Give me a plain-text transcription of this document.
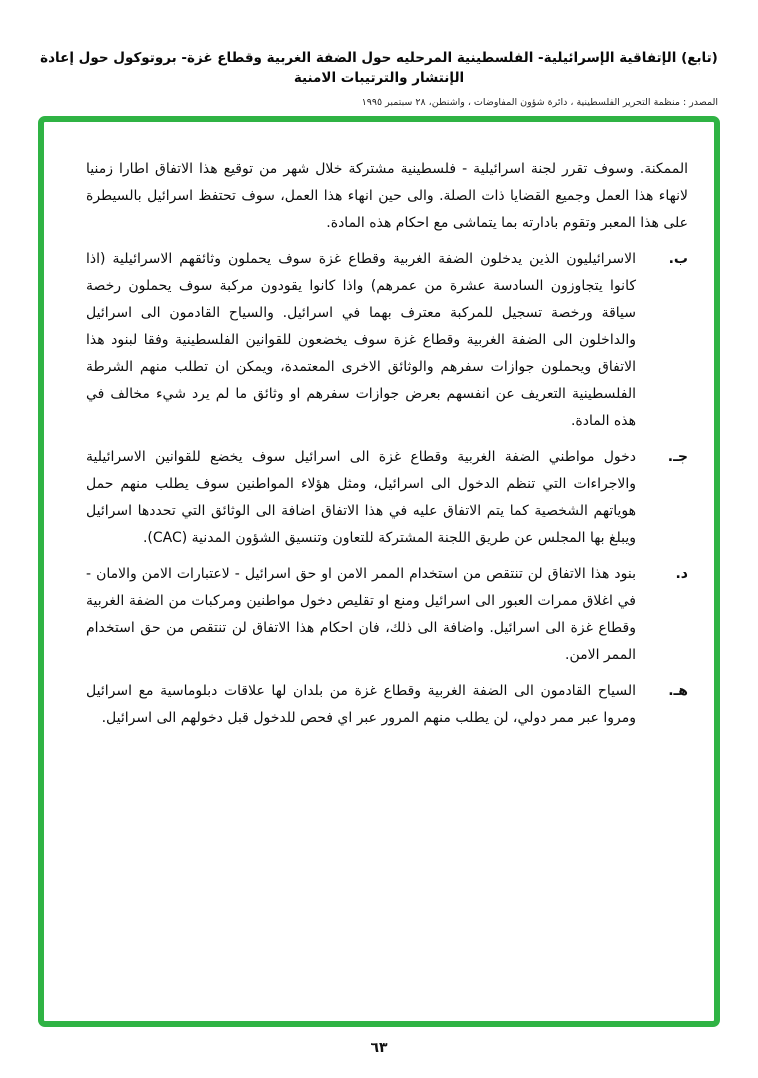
(تابع) الإتفاقية الإسرائيلية- الفلسطينية المرحليه حول الضفة الغربية وقطاع غزة- بروتوكول حول إعادة الإنتشار والترتيبات الامنية
المصدر : منظمة التحرير الفلسطينية ، دائرة شؤون المفاوضات ، واشنطن، ٢٨ سبتمبر ١٩٩٥

الممكنة. وسوف تقرر لجنة اسرائيلية - فلسطينية مشتركة خلال شهر من توقيع هذا الاتفاق اطارا زمنيا لانهاء هذا العمل وجميع القضايا ذات الصلة. والى حين انهاء هذا العمل، سوف تحتفظ اسرائيل بالسيطرة على هذا المعبر وتقوم بادارته بما يتماشى مع احكام هذه المادة.

ب.
الاسرائيليون الذين يدخلون الضفة الغربية وقطاع غزة سوف يحملون وثائقهم الاسرائيلية (اذا كانوا يتجاوزون السادسة عشرة من عمرهم) واذا كانوا يقودون مركبة سوف يحملون رخصة سياقة ورخصة تسجيل للمركبة معترف بهما في اسرائيل. والسياح القادمون الى اسرائيل والداخلون الى الضفة الغربية وقطاع غزة سوف يخضعون للقوانين الفلسطينية وفقا لبنود هذا الاتفاق ويحملون جوازات سفرهم والوثائق الاخرى المعتمدة، ويمكن ان تطلب منهم الشرطة الفلسطينية التعريف عن انفسهم بعرض جوازات سفرهم او وثائق ما لم يرد شيء مخالف في هذه المادة.
جـ.
دخول مواطني الضفة الغربية وقطاع غزة الى اسرائيل سوف يخضع للقوانين الاسرائيلية والاجراءات التي تنظم الدخول الى اسرائيل، ومثل هؤلاء المواطنين سوف يطلب منهم حمل هوياتهم الشخصية كما يتم الاتفاق عليه في هذا الاتفاق اضافة الى الوثائق التي تحددها اسرائيل ويبلغ بها المجلس عن طريق اللجنة المشتركة للتعاون وتنسيق الشؤون المدنية (CAC).
د.
بنود هذا الاتفاق لن تنتقص من استخدام الممر الامن او حق اسرائيل - لاعتبارات الامن والامان - في اغلاق ممرات العبور الى اسرائيل ومنع او تقليص دخول مواطنين ومركبات من الضفة الغربية وقطاع غزة الى اسرائيل. واضافة الى ذلك، فان احكام هذا الاتفاق لن تنتقص من حق استخدام الممر الامن.
هـ.
السياح القادمون الى الضفة الغربية وقطاع غزة من بلدان لها علاقات دبلوماسية مع اسرائيل ومروا عبر ممر دولي، لن يطلب منهم المرور عبر اي فحص للدخول قبل دخولهم الى اسرائيل.
٦٣
